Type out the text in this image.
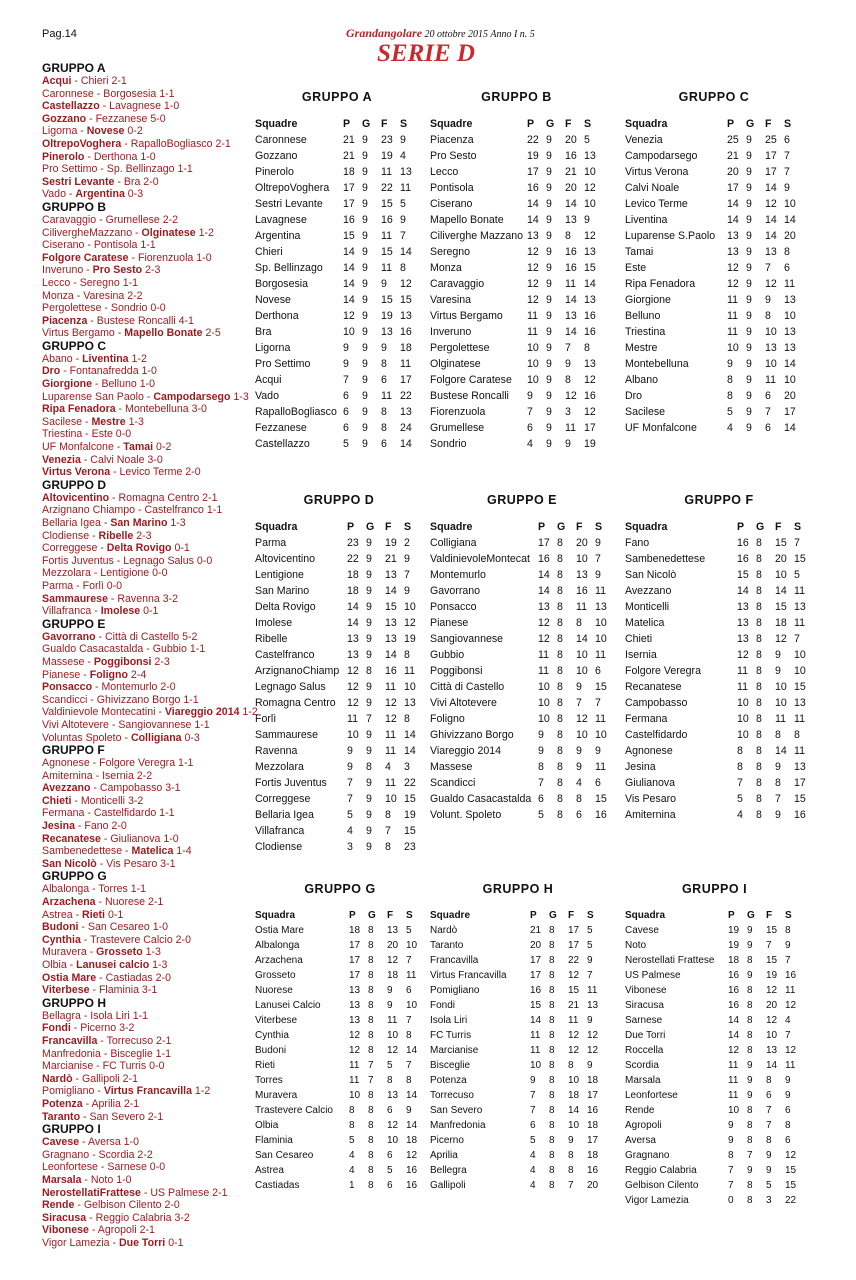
Pag.14	Grandangolare 20 ottobre 2015 Anno I n. 5
SERIE D
GRUPPO A
Acqui - Chieri 2-1
Caronnese - Borgosesia 1-1
Castellazzo - Lavagnese 1-0
Gozzano - Fezzanese 5-0
Ligorna - Novese 0-2
OltrepoVoghera - RapalloBogliasco 2-1
Pinerolo - Derthona 1-0
Pro Settimo - Sp. Bellinzago 1-1
Sestri Levante - Bra 2-0
Vado - Argentina 0-3
GRUPPO B
Caravaggio - Grumellese 2-2
CiliverghеMazzano - Olginatese 1-2
Ciserano - Pontisola 1-1
Folgore Caratese - Fiorenzuola 1-0
Inveruno - Pro Sesto 2-3
Lecco - Seregno 1-1
Monza - Varesina 2-2
Pergolettese - Sondrio 0-0
Piacenza - Bustese Roncalli 4-1
Virtus Bergamo - Mapello Bonate 2-5
GRUPPO C
Abano - Liventina 1-2
Dro - Fontanafredda 1-0
Giorgione - Belluno 1-0
Luparense San Paolo - Campodarsego 1-3
Ripa Fenadora - Montebelluna 3-0
Sacilese - Mestre 1-3
Triestina - Este 0-0
UF Monfalcone - Tamai 0-2
Venezia - Calvi Noale 3-0
Virtus Verona - Levico Terme 2-0
GRUPPO D
Altovicentino - Romagna Centro 2-1
Arzignano Chiampo - Castelfranco 1-1
Bellaria Igea - San Marino 1-3
Clodiense - Ribelle 2-3
Correggese - Delta Rovigo 0-1
Fortis Juventus - Legnago Salus 0-0
Mezzolara - Lentigione 0-0
Parma - Forlì 0-0
Sammaurese - Ravenna 3-2
Villafranca - Imolese 0-1
GRUPPO E
Gavorrano - Città di Castello 5-2
Gualdo Casacastalda - Gubbio 1-1
Massese - Poggibonsi 2-3
Pianese - Foligno 2-4
Ponsacco - Montemurlo 2-0
Scandicci - Ghivizzano Borgo 1-1
Valdinievole Montecatini - Viareggio 2014 1-2
Vivi Altotevere - Sangiovannese 1-1
Voluntas Spoleto - Colligiana 0-3
GRUPPO F
Agnonese - Folgore Veregra 1-1
Amiternina - Isernia 2-2
Avezzano - Campobasso 3-1
Chieti - Monticelli 3-2
Fermana - Castelfidardo 1-1
Jesina - Fano 2-0
Recanatese - Giulianova 1-0
Sambenedettese - Matelica 1-4
San Nicolò - Vis Pesaro 3-1
GRUPPO G
Albalonga - Torres 1-1
Arzachena - Nuorese 2-1
Astrea - Rieti 0-1
Budoni - San Cesareo 1-0
Cynthia - Trastevere Calcio 2-0
Muravera - Grosseto 1-3
Olbia - Lanusei calcio 1-3
Ostia Mare - Castiadas 2-0
Viterbese - Flaminia 3-1
GRUPPO H
Bellagra - Isola Liri 1-1
Fondi - Picerno 3-2
Francavilla - Torrecuso 2-1
Manfredonia - Bisceglie 1-1
Marcianise - FC Turris 0-0
Nardò - Gallipoli 2-1
Pomigliano - Virtus Francavilla 1-2
Potenza - Aprilia 2-1
Taranto - San Severo 2-1
GRUPPO I
Cavese - Aversa 1-0
Gragnano - Scordia 2-2
Leonfortese - Sarnese 0-0
Marsala - Noto 1-0
NerostellatiFrattese - US Palmese 2-1
Rende - Gelbison Cilento 2-0
Siracusa - Reggio Calabria 3-2
Vibonese - Agropoli 2-1
Vigor Lamezia - Due Torri 0-1
GRUPPO A
Squadre	P	G	F	S
Caronnese	21	9	23	9
Gozzano	21	9	19	4
Pinerolo	18	9	11	13
OltrepoVoghera	17	9	22	11
Sestri Levante	17	9	15	5
Lavagnese	16	9	16	9
Argentina	15	9	11	7
Chieri	14	9	15	14
Sp. Bellinzago	14	9	11	8
Borgosesia	14	9	9	12
Novese	14	9	15	15
Derthona	12	9	19	13
Bra	10	9	13	16
Ligorna	9	9	9	18
Pro Settimo	9	9	8	11
Acqui	7	9	6	17
Vado	6	9	11	22
RapalloBogliasco	6	9	8	13
Fezzanese	6	9	8	24
Castellazzo	5	9	6	14
GRUPPO B
Squadre	P	G	F	S
Piacenza	22	9	20	5
Pro Sesto	19	9	16	13
Lecco	17	9	21	10
Pontisola	16	9	20	12
Ciserano	14	9	14	10
Mapello Bonate	14	9	13	9
Ciliverghe Mazzano	13	9	8	12
Seregno	12	9	16	13
Monza	12	9	16	15
Caravaggio	12	9	11	14
Varesina	12	9	14	13
Virtus Bergamo	11	9	13	16
Inveruno	11	9	14	16
Pergolettese	10	9	7	8
Olginatese	10	9	9	13
Folgore Caratese	10	9	8	12
Bustese Roncalli	9	9	12	16
Fiorenzuola	7	9	3	12
Grumellese	6	9	11	17
Sondrio	4	9	9	19
GRUPPO C
Squadra	P	G	F	S
Venezia	25	9	25	6
Campodarsego	21	9	17	7
Virtus Verona	20	9	17	7
Calvi Noale	17	9	14	9
Levico Terme	14	9	12	10
Liventina	14	9	14	14
Luparense S.Paolo	13	9	14	20
Tamai	13	9	13	8
Este	12	9	7	6
Ripa Fenadora	12	9	12	11
Giorgione	11	9	9	13
Belluno	11	9	8	10
Triestina	11	9	10	13
Mestre	10	9	13	13
Montebelluna	9	9	10	14
Albano	8	9	11	10
Dro	8	9	6	20
Sacilese	5	9	7	17
UF Monfalcone	4	9	6	14
GRUPPO D
Squadra	P	G	F	S
Parma	23	9	19	2
Altovicentino	22	9	21	9
Lentigione	18	9	13	7
San Marino	18	9	14	9
Delta Rovigo	14	9	15	10
Imolese	14	9	13	12
Ribelle	13	9	13	19
Castelfranco	13	9	14	8
ArzignanoChiamp	12	8	16	11
Legnago Salus	12	9	11	10
Romagna Centro	12	9	12	13
Forlì	11	7	12	8
Sammaurese	10	9	11	14
Ravenna	9	9	11	14
Mezzolara	9	8	4	3
Fortis Juventus	7	9	11	22
Correggese	7	9	10	15
Bellaria Igea	5	9	8	19
Villafranca	4	9	7	15
Clodiense	3	9	8	23
GRUPPO E
Squadre	P	G	F	S
Colligiana	17	8	20	9
ValdinievoleMontecat	16	8	10	7
Montemurlo	14	8	13	9
Gavorrano	14	8	16	11
Ponsacco	13	8	11	13
Pianese	12	8	8	10
Sangiovannese	12	8	14	10
Gubbio	11	8	10	11
Poggibonsi	11	8	10	6
Città di Castello	10	8	9	15
Vivi Altotevere	10	8	7	7
Foligno	10	8	12	11
Ghivizzano Borgo	9	8	10	10
Viareggio 2014	9	8	9	9
Massese	8	8	9	11
Scandicci	7	8	4	6
Gualdo Casacastalda	6	8	8	15
Volunt. Spoleto	5	8	6	16
GRUPPO F
Squadra	P	G	F	S
Fano	16	8	15	7
Sambenedettese	16	8	20	15
San Nicolò	15	8	10	5
Avezzano	14	8	14	11
Monticelli	13	8	15	13
Matelica	13	8	18	11
Chieti	13	8	12	7
Isernia	12	8	9	10
Folgore Veregra	11	8	9	10
Recanatese	11	8	10	15
Campobasso	10	8	10	13
Fermana	10	8	11	11
Castelfidardo	10	8	8	8
Agnonese	8	8	14	11
Jesina	8	8	9	13
Giulianova	7	8	8	17
Vis Pesaro	5	8	7	15
Amiternina	4	8	9	16
GRUPPO G
Squadra	P	G	F	S
Ostia Mare	18	8	13	5
Albalonga	17	8	20	10
Arzachena	17	8	12	7
Grosseto	17	8	18	11
Nuorese	13	8	9	6
Lanusei Calcio	13	8	9	10
Viterbese	13	8	11	7
Cynthia	12	8	10	8
Budoni	12	8	12	14
Rieti	11	7	5	7
Torres	11	7	8	8
Muravera	10	8	13	14
Trastevere Calcio	8	8	6	9
Olbia	8	8	12	14
Flaminia	5	8	10	18
San Cesareo	4	8	6	12
Astrea	4	8	5	16
Castiadas	1	8	6	16
GRUPPO H
Squadre	P	G	F	S
Nardò	21	8	17	5
Taranto	20	8	17	5
Francavilla	17	8	22	9
Virtus Francavilla	17	8	12	7
Pomigliano	16	8	15	11
Fondi	15	8	21	13
Isola Liri	14	8	11	9
FC Turris	11	8	12	12
Marcianise	11	8	12	12
Bisceglie	10	8	8	9
Potenza	9	8	10	18
Torrecuso	7	8	18	17
San Severo	7	8	14	16
Manfredonia	6	8	10	18
Picerno	5	8	9	17
Aprilia	4	8	8	18
Bellegra	4	8	8	16
Gallipoli	4	8	7	20
GRUPPO I
Squadra	P	G	F	S
Cavese	19	9	15	8
Noto	19	9	7	9
Nerostellati Frattese	18	8	15	7
US Palmese	16	9	19	16
Vibonese	16	8	12	11
Siracusa	16	8	20	12
Sarnese	14	8	12	4
Due Torri	14	8	10	7
Roccella	12	8	13	12
Scordia	11	9	14	11
Marsala	11	9	8	9
Leonfortese	11	9	6	9
Rende	10	8	7	6
Agropoli	9	8	7	8
Aversa	9	8	8	6
Gragnano	8	7	9	12
Reggio Calabria	7	9	9	15
Gelbison Cilento	7	8	5	15
Vigor Lamezia	0	8	3	22
